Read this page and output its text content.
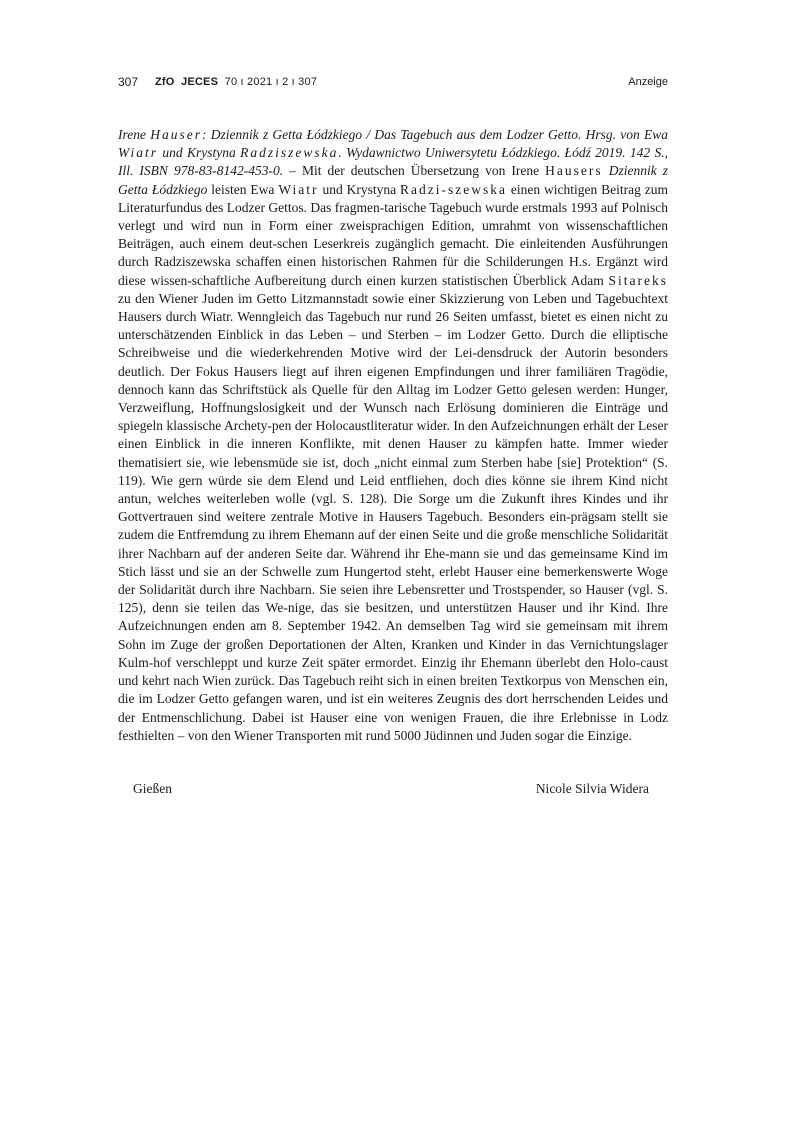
307 ZfO JECES 70 ı 2021 ı 2 ı 307	Anzeige

Irene Hauser: Dziennik z Getta Łódzkiego / Das Tagebuch aus dem Lodzer Getto. Hrsg. von Ewa Wiatr und Krystyna Radziszewska. Wydawnictwo Uniwersytetu Łódzkiego. Łódź 2019. 142 S., Ill. ISBN 978-83-8142-453-0. – Mit der deutschen Übersetzung von Irene Hausers Dziennik z Getta Łódzkiego leisten Ewa Wiatr und Krystyna Radzi-szewska einen wichtigen Beitrag zum Literaturfundus des Lodzer Gettos. Das fragmen-tarische Tagebuch wurde erstmals 1993 auf Polnisch verlegt und wird nun in Form einer zweisprachigen Edition, umrahmt von wissenschaftlichen Beiträgen, auch einem deut-schen Leserkreis zugänglich gemacht. Die einleitenden Ausführungen durch Radziszewska schaffen einen historischen Rahmen für die Schilderungen H.s. Ergänzt wird diese wissen-schaftliche Aufbereitung durch einen kurzen statistischen Überblick Adam Sitareks zu den Wiener Juden im Getto Litzmannstadt sowie einer Skizzierung von Leben und Tagebuchtext Hausers durch Wiatr. Wenngleich das Tagebuch nur rund 26 Seiten umfasst, bietet es einen nicht zu unterschätzenden Einblick in das Leben – und Sterben – im Lodzer Getto. Durch die elliptische Schreibweise und die wiederkehrenden Motive wird der Lei-densdruck der Autorin besonders deutlich. Der Fokus Hausers liegt auf ihren eigenen Empfindungen und ihrer familiären Tragödie, dennoch kann das Schriftstück als Quelle für den Alltag im Lodzer Getto gelesen werden: Hunger, Verzweiflung, Hoffnungslosigkeit und der Wunsch nach Erlösung dominieren die Einträge und spiegeln klassische Archety-pen der Holocaustliteratur wider. In den Aufzeichnungen erhält der Leser einen Einblick in die inneren Konflikte, mit denen Hauser zu kämpfen hatte. Immer wieder thematisiert sie, wie lebensmüde sie ist, doch „nicht einmal zum Sterben habe [sie] Protektion“ (S. 119). Wie gern würde sie dem Elend und Leid entfliehen, doch dies könne sie ihrem Kind nicht antun, welches weiterleben wolle (vgl. S. 128). Die Sorge um die Zukunft ihres Kindes und ihr Gottvertrauen sind weitere zentrale Motive in Hausers Tagebuch. Besonders ein-prägsam stellt sie zudem die Entfremdung zu ihrem Ehemann auf der einen Seite und die große menschliche Solidarität ihrer Nachbarn auf der anderen Seite dar. Während ihr Ehe-mann sie und das gemeinsame Kind im Stich lässt und sie an der Schwelle zum Hungertod steht, erlebt Hauser eine bemerkenswerte Woge der Solidarität durch ihre Nachbarn. Sie seien ihre Lebensretter und Trostspender, so Hauser (vgl. S. 125), denn sie teilen das We-nige, das sie besitzen, und unterstützen Hauser und ihr Kind. Ihre Aufzeichnungen enden am 8. September 1942. An demselben Tag wird sie gemeinsam mit ihrem Sohn im Zuge der großen Deportationen der Alten, Kranken und Kinder in das Vernichtungslager Kulm-hof verschleppt und kurze Zeit später ermordet. Einzig ihr Ehemann überlebt den Holo-caust und kehrt nach Wien zurück. Das Tagebuch reiht sich in einen breiten Textkorpus von Menschen ein, die im Lodzer Getto gefangen waren, und ist ein weiteres Zeugnis des dort herrschenden Leides und der Entmenschlichung. Dabei ist Hauser eine von wenigen Frauen, die ihre Erlebnisse in Lodz festhielten – von den Wiener Transporten mit rund 5000 Jüdinnen und Juden sogar die Einzige.

Gießen	Nicole Silvia Widera
